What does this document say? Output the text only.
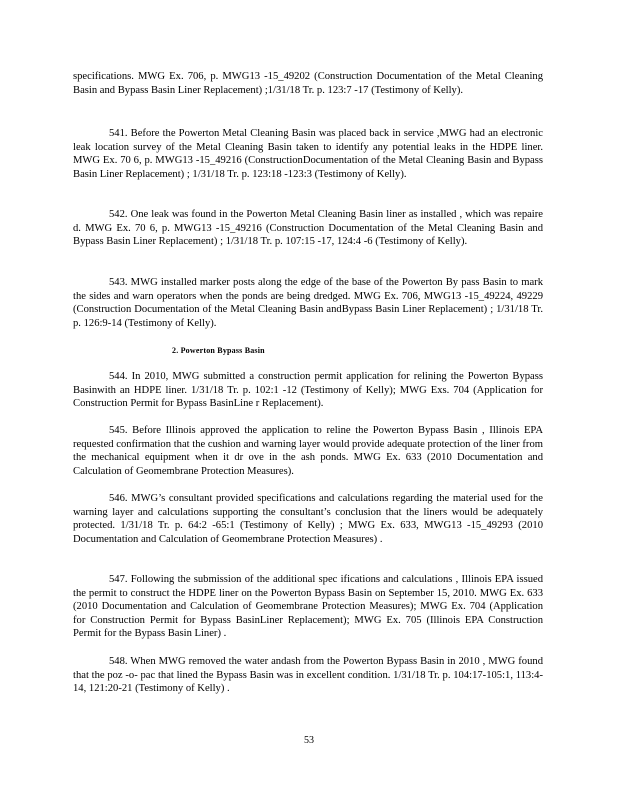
specifications. MWG Ex. 706, p. MWG13 -15_49202 (Construction Documentation of the Metal Cleaning Basin and Bypass Basin Liner Replacement) ;1/31/18 Tr. p. 123:7 -17 (Testimony of Kelly).

541. Before the Powerton Metal Cleaning Basin was placed back in service ,MWG had an electronic leak location survey of the Metal Cleaning Basin taken to identify any potential leaks in the HDPE liner. MWG Ex. 70 6, p. MWG13 -15_49216 (ConstructionDocumentation of the Metal Cleaning Basin and Bypass Basin Liner Replacement) ; 1/31/18 Tr. p. 123:18 -123:3 (Testimony of Kelly).

542. One leak was found in the Powerton Metal Cleaning Basin liner as installed , which was repaire d. MWG Ex. 70 6, p. MWG13 -15_49216 (Construction Documentation of the Metal Cleaning Basin and Bypass Basin Liner Replacement) ; 1/31/18 Tr. p. 107:15 -17, 124:4 -6 (Testimony of Kelly).

543. MWG installed marker posts along the edge of the base of the Powerton By pass Basin to mark the sides and warn operators when the ponds are being dredged. MWG Ex. 706, MWG13 -15_49224, 49229 (Construction Documentation of the Metal Cleaning Basin andBypass Basin Liner Replacement) ; 1/31/18 Tr. p. 126:9-14 (Testimony of Kelly).

2. Powerton Bypass Basin

544. In 2010, MWG submitted a construction permit application for relining the Powerton Bypass Basinwith an HDPE liner. 1/31/18 Tr. p. 102:1 -12 (Testimony of Kelly); MWG Exs. 704 (Application for Construction Permit for Bypass BasinLine r Replacement).

545. Before Illinois approved the application to reline the Powerton Bypass Basin , Illinois EPA requested confirmation that the cushion and warning layer would provide adequate protection of the liner from the mechanical equipment when it dr ove in the ash ponds. MWG Ex. 633 (2010 Documentation and Calculation of Geomembrane Protection Measures).

546. MWG’s consultant provided specifications and calculations regarding the material used for the warning layer and calculations supporting the consultant’s conclusion that the liners would be adequately protected. 1/31/18 Tr. p. 64:2 -65:1 (Testimony of Kelly) ; MWG Ex. 633, MWG13 -15_49293 (2010 Documentation and Calculation of Geomembrane Protection Measures) .

547. Following the submission of the additional spec ifications and calculations , Illinois EPA issued the permit to construct the HDPE liner on the Powerton Bypass Basin on September 15, 2010. MWG Ex. 633 (2010 Documentation and Calculation of Geomembrane Protection Measures); MWG Ex. 704 (Application for Construction Permit for Bypass BasinLiner Replacement); MWG Ex. 705 (Illinois EPA Construction Permit for the Bypass Basin Liner) .

548. When MWG removed the water andash from the Powerton Bypass Basin in 2010 , MWG found that the poz -o- pac that lined the Bypass Basin was in excellent condition. 1/31/18 Tr. p. 104:17-105:1, 113:4-14, 121:20-21 (Testimony of Kelly) .

53
